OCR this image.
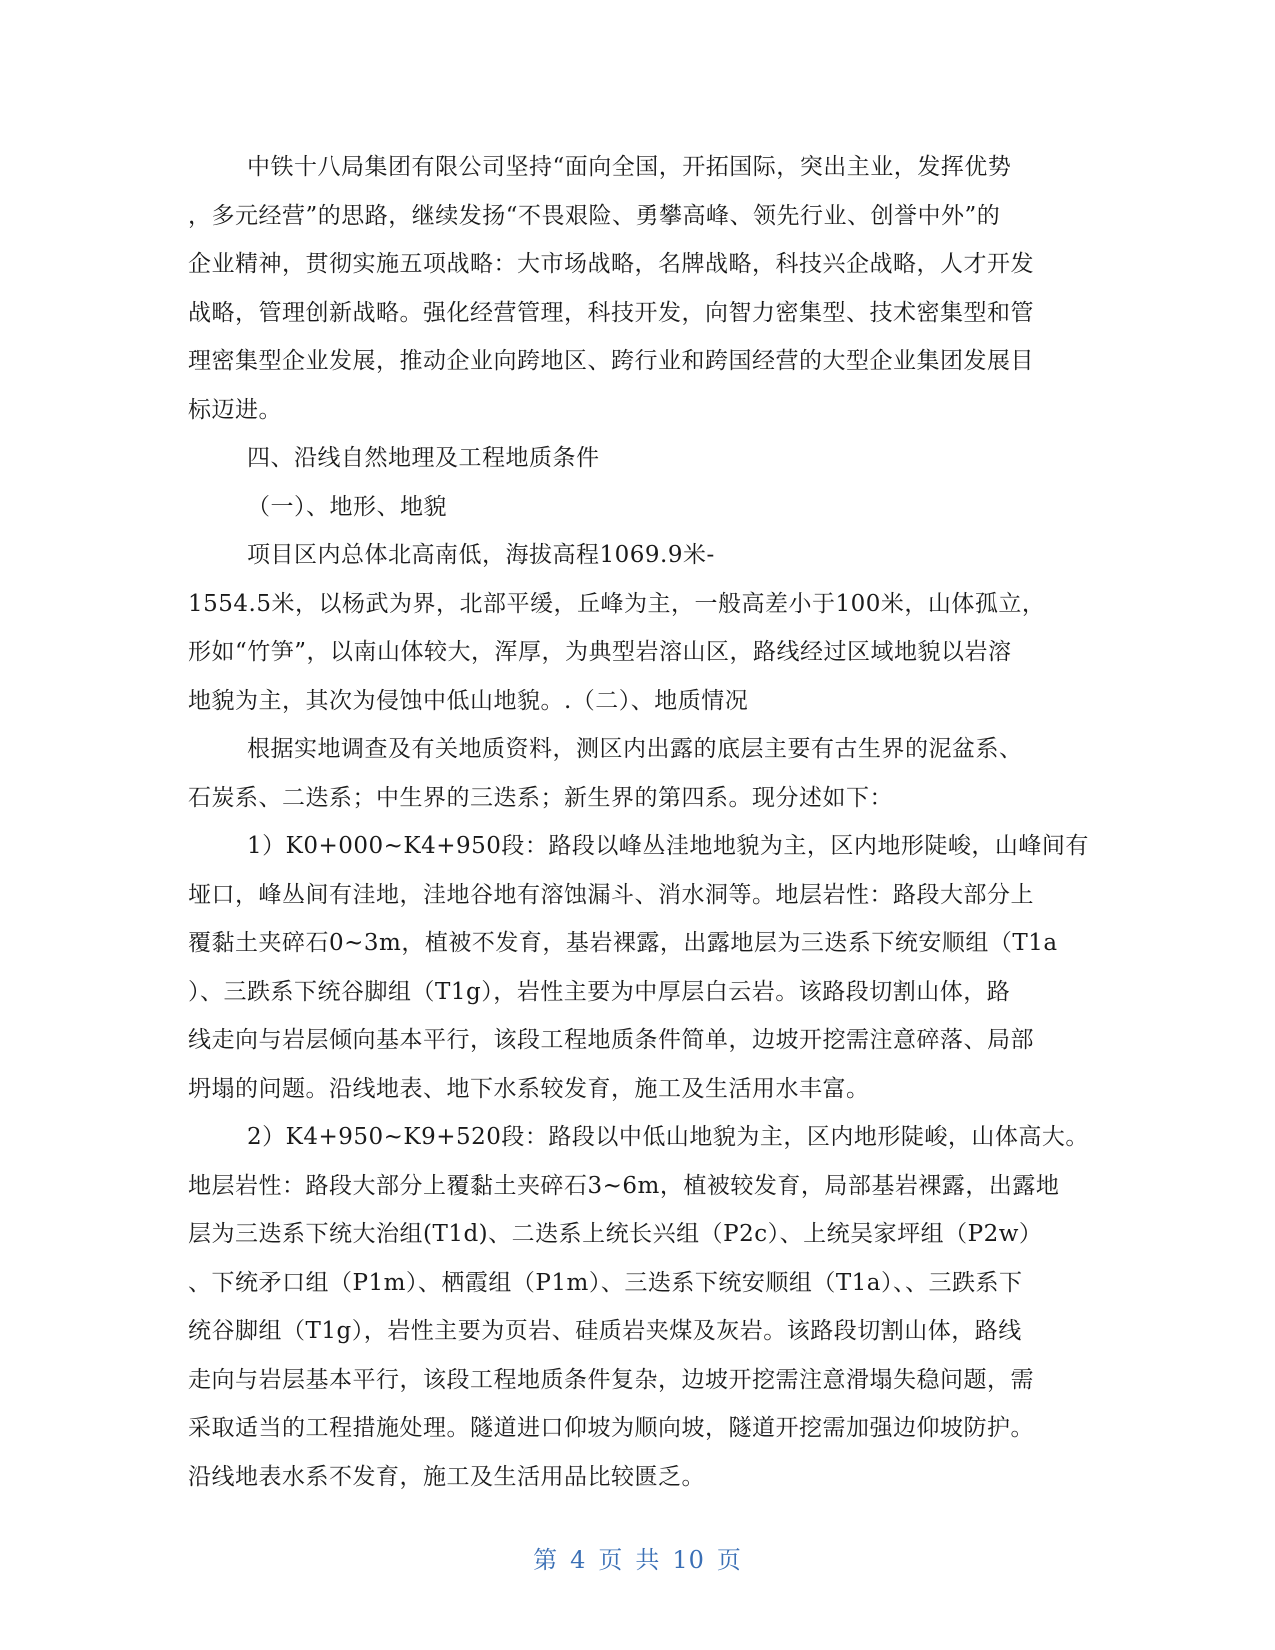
中铁十八局集团有限公司坚持“面向全国，开拓国际，突出主业，发挥优势
，多元经营”的思路，继续发扬“不畏艰险、勇攀高峰、领先行业、创誉中外”的
企业精神，贯彻实施五项战略：大市场战略，名牌战略，科技兴企战略，人才开发
战略，管理创新战略。强化经营管理，科技开发，向智力密集型、技术密集型和管
理密集型企业发展，推动企业向跨地区、跨行业和跨国经营的大型企业集团发展目
标迈进。
四、沿线自然地理及工程地质条件
（一）、地形、地貌
项目区内总体北高南低，海拔高程1069.9米-
1554.5米，以杨武为界，北部平缓，丘峰为主，一般高差小于100米，山体孤立，
形如“竹笋”，以南山体较大，浑厚，为典型岩溶山区，路线经过区域地貌以岩溶
地貌为主，其次为侵蚀中低山地貌。.（二）、地质情况
根据实地调查及有关地质资料，测区内出露的底层主要有古生界的泥盆系、
石炭系、二迭系；中生界的三迭系；新生界的第四系。现分述如下：
1）K0+000~K4+950段：路段以峰丛洼地地貌为主，区内地形陡峻，山峰间有
垭口，峰丛间有洼地，洼地谷地有溶蚀漏斗、消水洞等。地层岩性：路段大部分上
覆黏土夹碎石0~3m，植被不发育，基岩裸露，出露地层为三迭系下统安顺组（T1a
）、三跌系下统谷脚组（T1g），岩性主要为中厚层白云岩。该路段切割山体，路
线走向与岩层倾向基本平行，该段工程地质条件简单，边坡开挖需注意碎落、局部
坍塌的问题。沿线地表、地下水系较发育，施工及生活用水丰富。
2）K4+950~K9+520段：路段以中低山地貌为主，区内地形陡峻，山体高大。
地层岩性：路段大部分上覆黏土夹碎石3~6m，植被较发育，局部基岩裸露，出露地
层为三迭系下统大治组(T1d)、二迭系上统长兴组（P2c）、上统吴家坪组（P2w）
、下统矛口组（P1m）、栖霞组（P1m）、三迭系下统安顺组（T1a）、、三跌系下
统谷脚组（T1g），岩性主要为页岩、硅质岩夹煤及灰岩。该路段切割山体，路线
走向与岩层基本平行，该段工程地质条件复杂，边坡开挖需注意滑塌失稳问题，需
采取适当的工程措施处理。隧道进口仰坡为顺向坡，隧道开挖需加强边仰坡防护。
沿线地表水系不发育，施工及生活用品比较匮乏。
第 4 页 共 10 页
